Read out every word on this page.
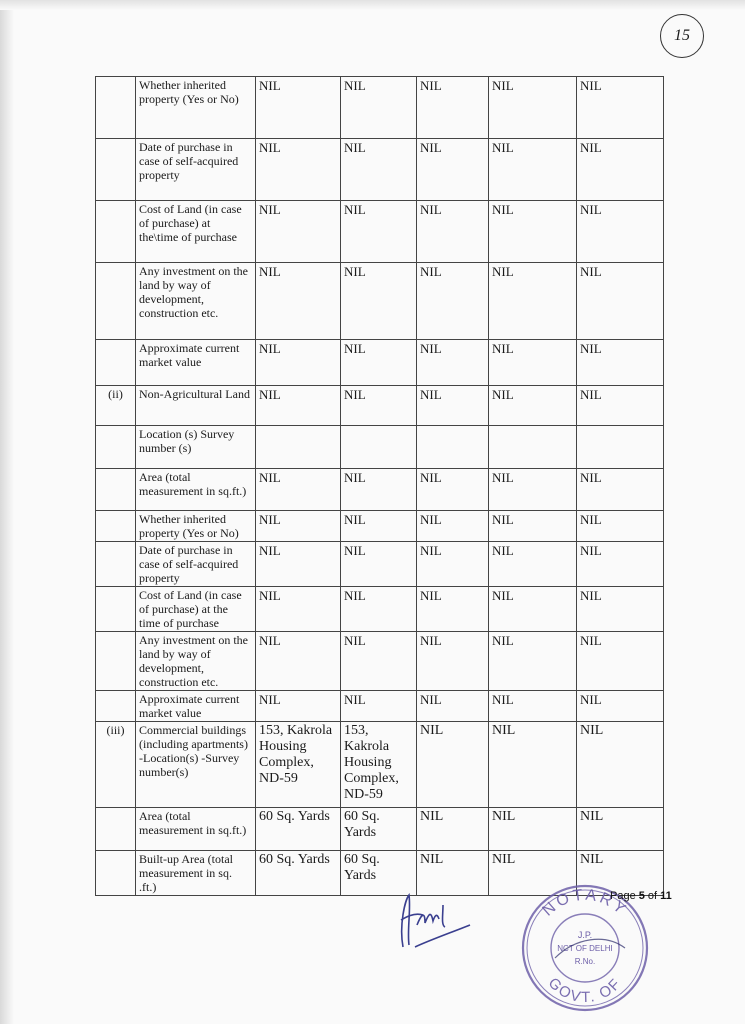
15
	Whether inherited property (Yes or No)	NIL	NIL	NIL	NIL	NIL
	Date of purchase in case of self-acquired property	NIL	NIL	NIL	NIL	NIL
	Cost of Land (in case of purchase) at the\time of purchase	NIL	NIL	NIL	NIL	NIL
	Any investment on the land by way of development, construction etc.	NIL	NIL	NIL	NIL	NIL
	Approximate current market value	NIL	NIL	NIL	NIL	NIL
(ii)	Non-Agricultural Land	NIL	NIL	NIL	NIL	NIL
	Location (s) Survey number (s)					
	Area (total measurement in sq.ft.)	NIL	NIL	NIL	NIL	NIL
	Whether inherited property (Yes or No)	NIL	NIL	NIL	NIL	NIL
	Date of purchase in case of self-acquired property	NIL	NIL	NIL	NIL	NIL
	Cost of Land (in case of purchase) at the time of purchase	NIL	NIL	NIL	NIL	NIL
	Any investment on the land by way of development, construction etc.	NIL	NIL	NIL	NIL	NIL
	Approximate current market value	NIL	NIL	NIL	NIL	NIL
(iii)	Commercial buildings (including apartments) -Location(s) -Survey number(s)	153, Kakrola Housing Complex, ND-59	153, Kakrola Housing Complex, ND-59	NIL	NIL	NIL
	Area (total measurement in sq.ft.)	60 Sq. Yards	60 Sq. Yards	NIL	NIL	NIL
	Built-up Area (total measurement in sq. .ft.)	60 Sq. Yards	60 Sq. Yards	NIL	NIL	NIL
NOTARY
GOVT. OF
J.P.
NCT OF DELHI
R.No.
Page 5 of 11
